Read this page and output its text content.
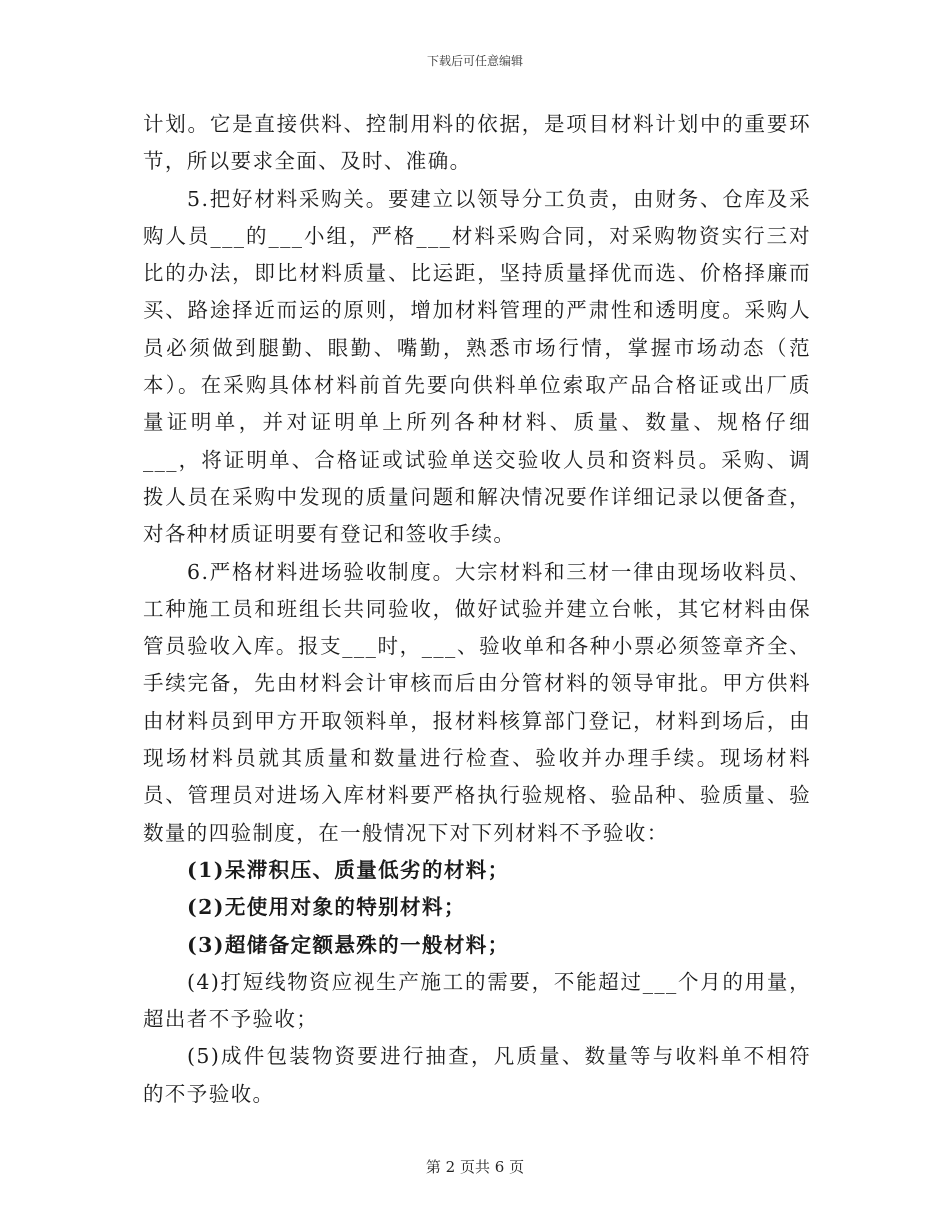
下载后可任意编辑

计划。它是直接供料、控制用料的依据，是项目材料计划中的重要环节，所以要求全面、及时、准确。

5.把好材料采购关。要建立以领导分工负责，由财务、仓库及采购人员___的___小组，严格___材料采购合同，对采购物资实行三对比的办法，即比材料质量、比运距，坚持质量择优而选、价格择廉而买、路途择近而运的原则，增加材料管理的严肃性和透明度。采购人员必须做到腿勤、眼勤、嘴勤，熟悉市场行情，掌握市场动态（范本）。在采购具体材料前首先要向供料单位索取产品合格证或出厂质量证明单，并对证明单上所列各种材料、质量、数量、规格仔细___，将证明单、合格证或试验单送交验收人员和资料员。采购、调拨人员在采购中发现的质量问题和解决情况要作详细记录以便备查，对各种材质证明要有登记和签收手续。

6.严格材料进场验收制度。大宗材料和三材一律由现场收料员、工种施工员和班组长共同验收，做好试验并建立台帐，其它材料由保管员验收入库。报支___时，___、验收单和各种小票必须签章齐全、手续完备，先由材料会计审核而后由分管材料的领导审批。甲方供料由材料员到甲方开取领料单，报材料核算部门登记，材料到场后，由现场材料员就其质量和数量进行检查、验收并办理手续。现场材料员、管理员对进场入库材料要严格执行验规格、验品种、验质量、验数量的四验制度，在一般情况下对下列材料不予验收：

(1)呆滞积压、质量低劣的材料；

(2)无使用对象的特别材料；

(3)超储备定额悬殊的一般材料；

(4)打短线物资应视生产施工的需要，不能超过___个月的用量，超出者不予验收；

(5)成件包装物资要进行抽查，凡质量、数量等与收料单不相符的不予验收。

第 2 页共 6 页
